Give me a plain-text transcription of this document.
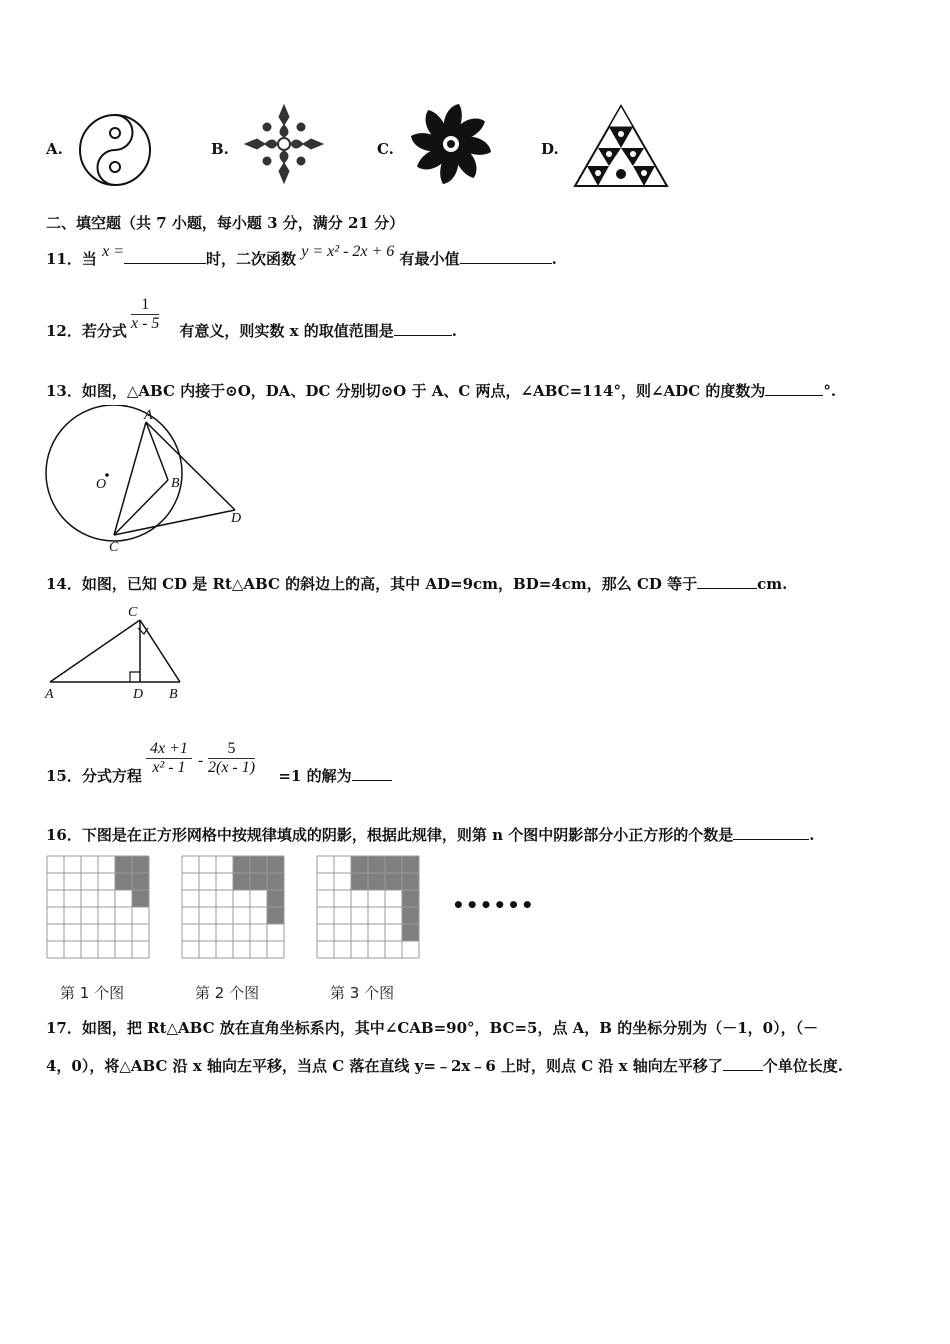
A.	B.	C.	D.
二、填空题（共 7 小题，每小题 3 分，满分 21 分）
11．当 x =	时，二次函数 y = x² - 2x + 6 有最小值	.
12．若分式	有意义，则实数 x 的取值范围是	.
$\frac{1}{x - 5}$
13．如图，△ABC 内接于⊙O，DA、DC 分别切⊙O 于 A、C 两点，∠ABC=114°，则∠ADC 的度数为	°.
A
B
C
D
O
14．如图，已知 CD 是 Rt△ABC 的斜边上的高，其中 AD=9cm，BD=4cm，那么 CD 等于	cm.
A	D B
C
15．分式方程	=1 的解为
$\frac{4x +1}{\text{x² - 1}} - \frac{5}{2(x - 1)}$
16．下图是在正方形网格中按规律填成的阴影，根据此规律，则第 n 个图中阴影部分小正方形的个数是	.
••••••
第 1 个图	第 2 个图	第 3 个图
17．如图，把 Rt△ABC 放在直角坐标系内，其中∠CAB=90°，BC=5，点 A，B 的坐标分别为（－1，0），（－
4，0），将△ABC 沿 x 轴向左平移，当点 C 落在直线 y=﹣2x﹣6 上时，则点 C 沿 x 轴向左平移了	个单位长度.
